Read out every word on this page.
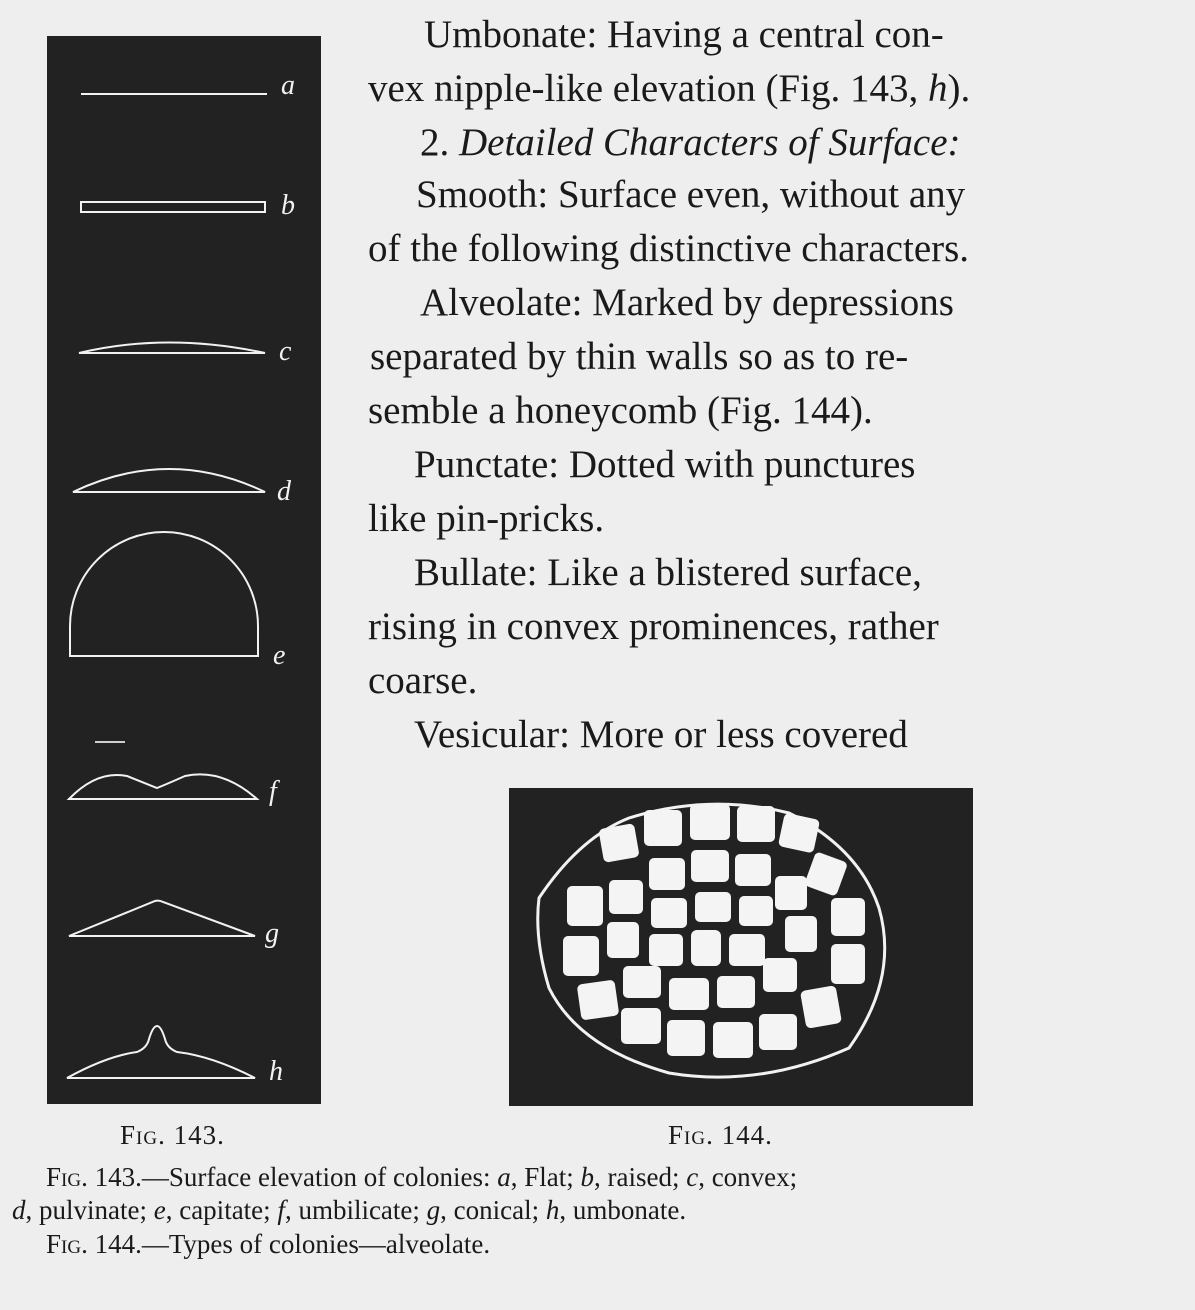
a
b
c
d
e
f
g
h

Umbonate: Having a central con-

vex nipple-like elevation (Fig. 143, h).

2. Detailed Characters of Surface:

Smooth: Surface even, without any

of the following distinctive characters.

Alveolate: Marked by depressions

separated by thin walls so as to re-

semble a honeycomb (Fig. 144).

Punctate: Dotted with punctures

like pin-pricks.

Bullate: Like a blistered surface,

rising in convex prominences, rather

coarse.

Vesicular: More or less covered

Fig. 143.	Fig. 144.

Fig. 143.—Surface elevation of colonies: a, Flat; b, raised; c, convex;

d, pulvinate; e, capitate; f, umbilicate; g, conical; h, umbonate.

Fig. 144.—Types of colonies—alveolate.
